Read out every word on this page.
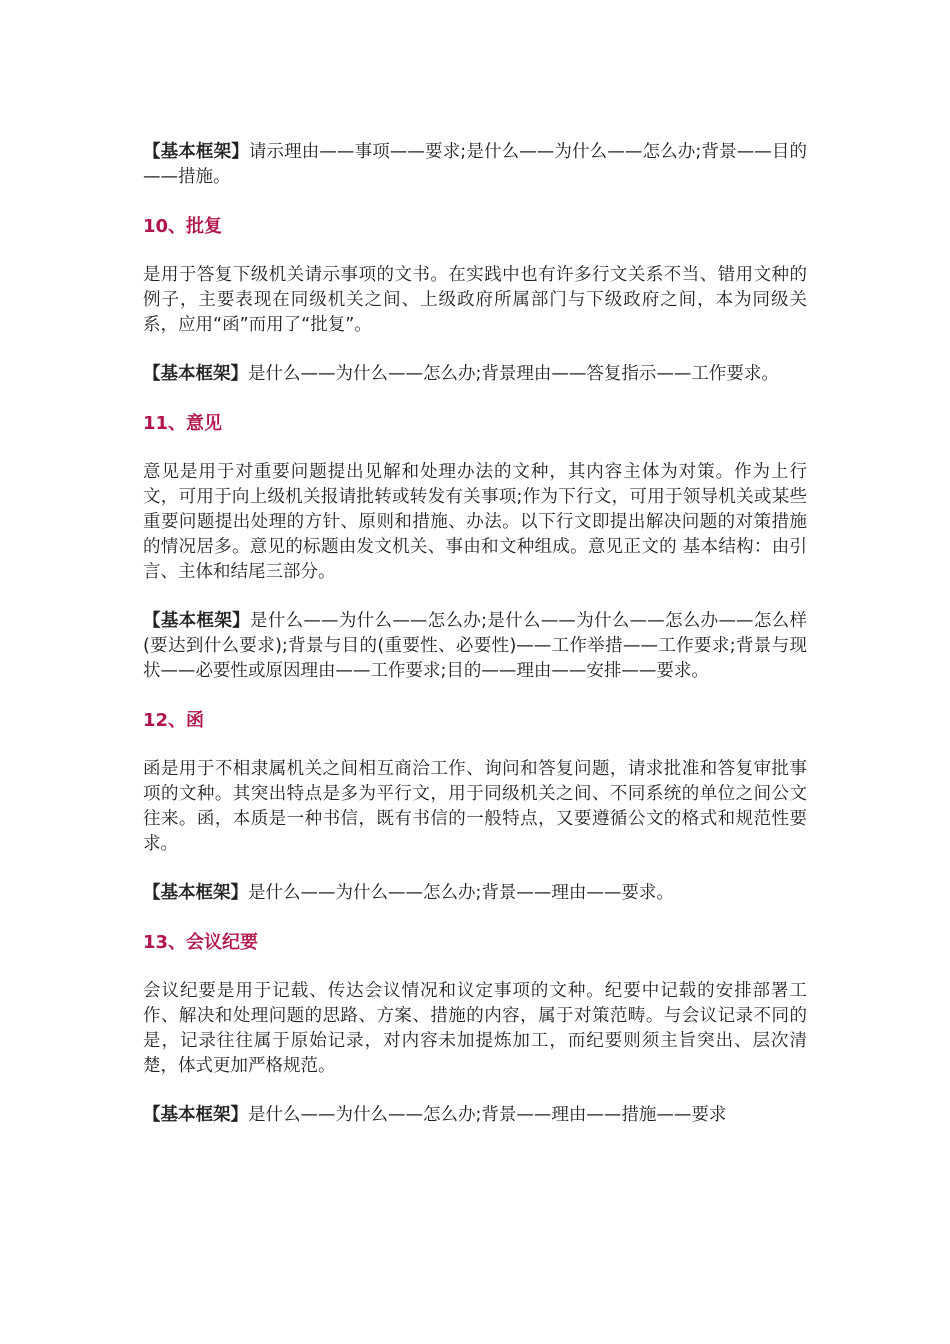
【基本框架】请示理由——事项——要求;是什么——为什么——怎么办;背景——目的——措施。

10、批复

是用于答复下级机关请示事项的文书。在实践中也有许多行文关系不当、错用文种的例子，主要表现在同级机关之间、上级政府所属部门与下级政府之间，本为同级关系，应用“函”而用了“批复”。

【基本框架】是什么——为什么——怎么办;背景理由——答复指示——工作要求。

11、意见

意见是用于对重要问题提出见解和处理办法的文种，其内容主体为对策。作为上行文，可用于向上级机关报请批转或转发有关事项;作为下行文，可用于领导机关或某些重要问题提出处理的方针、原则和措施、办法。以下行文即提出解决问题的对策措施的情况居多。意见的标题由发文机关、事由和文种组成。意见正文的 基本结构：由引言、主体和结尾三部分。

【基本框架】是什么——为什么——怎么办;是什么——为什么——怎么办——怎么样(要达到什么要求);背景与目的(重要性、必要性)——工作举措——工作要求;背景与现状——必要性或原因理由——工作要求;目的——理由——安排——要求。

12、函

函是用于不相隶属机关之间相互商洽工作、询问和答复问题，请求批准和答复审批事项的文种。其突出特点是多为平行文，用于同级机关之间、不同系统的单位之间公文往来。函，本质是一种书信，既有书信的一般特点，又要遵循公文的格式和规范性要求。

【基本框架】是什么——为什么——怎么办;背景——理由——要求。

13、会议纪要

会议纪要是用于记载、传达会议情况和议定事项的文种。纪要中记载的安排部署工作、解决和处理问题的思路、方案、措施的内容，属于对策范畴。与会议记录不同的是，记录往往属于原始记录，对内容未加提炼加工，而纪要则须主旨突出、层次清楚，体式更加严格规范。

【基本框架】是什么——为什么——怎么办;背景——理由——措施——要求
